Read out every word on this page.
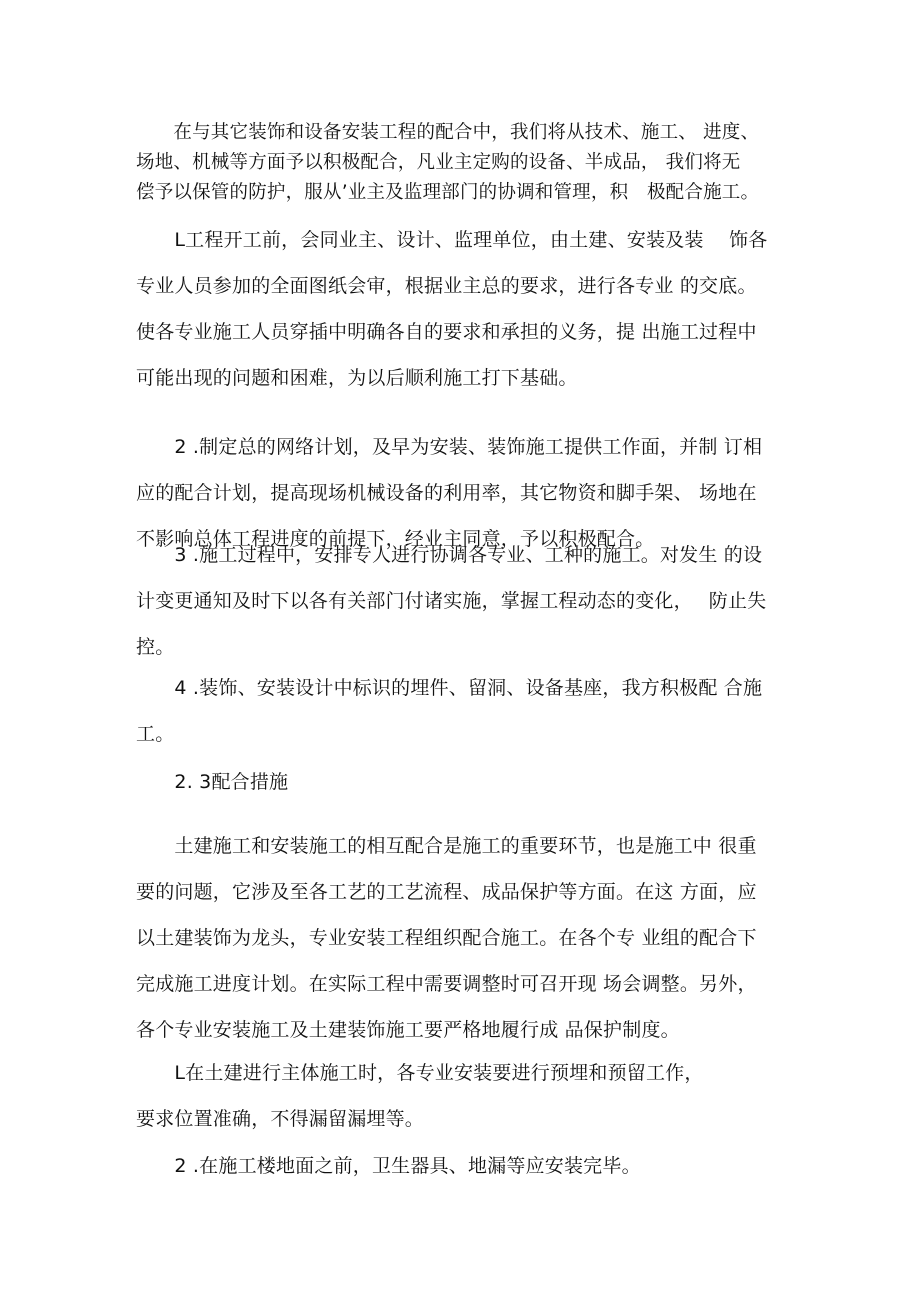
　　在与其它装饰和设备安装工程的配合中，我们将从技术、施工、 进度、
场地、机械等方面予以积极配合，凡业主定购的设备、半成品， 我们将无
偿予以保管的防护，服从’业主及监理部门的协调和管理，积　极配合施工。

　　L工程开工前，会同业主、设计、监理单位，由土建、安装及装　 饰各
专业人员参加的全面图纸会审，根据业主总的要求，进行各专业 的交底。
使各专业施工人员穿插中明确各自的要求和承担的义务，提 出施工过程中
可能出现的问题和困难，为以后顺利施工打下基础。

　　2 .制定总的网络计划，及早为安装、装饰施工提供工作面，并制 订相
应的配合计划，提高现场机械设备的利用率，其它物资和脚手架、 场地在
不影响总体工程进度的前提下，经业主同意，予以积极配合。

　　3 .施工过程中，安排专人进行协调各专业、工种的施工。对发生 的设
计变更通知及时下以各有关部门付诸实施，掌握工程动态的变化，　 防止失
控。

　　4 .装饰、安装设计中标识的埋件、留洞、设备基座，我方积极配 合施
工。

　　2. 3配合措施

　　土建施工和安装施工的相互配合是施工的重要环节，也是施工中 很重
要的问题，它涉及至各工艺的工艺流程、成品保护等方面。在这 方面，应
以土建装饰为龙头，专业安装工程组织配合施工。在各个专 业组的配合下
完成施工进度计划。在实际工程中需要调整时可召开现 场会调整。另外，
各个专业安装施工及土建装饰施工要严格地履行成 品保护制度。

　　L在土建进行主体施工时，各专业安装要进行预埋和预留工作，
要求位置准确，不得漏留漏埋等。

　　2 .在施工楼地面之前，卫生器具、地漏等应安装完毕。
